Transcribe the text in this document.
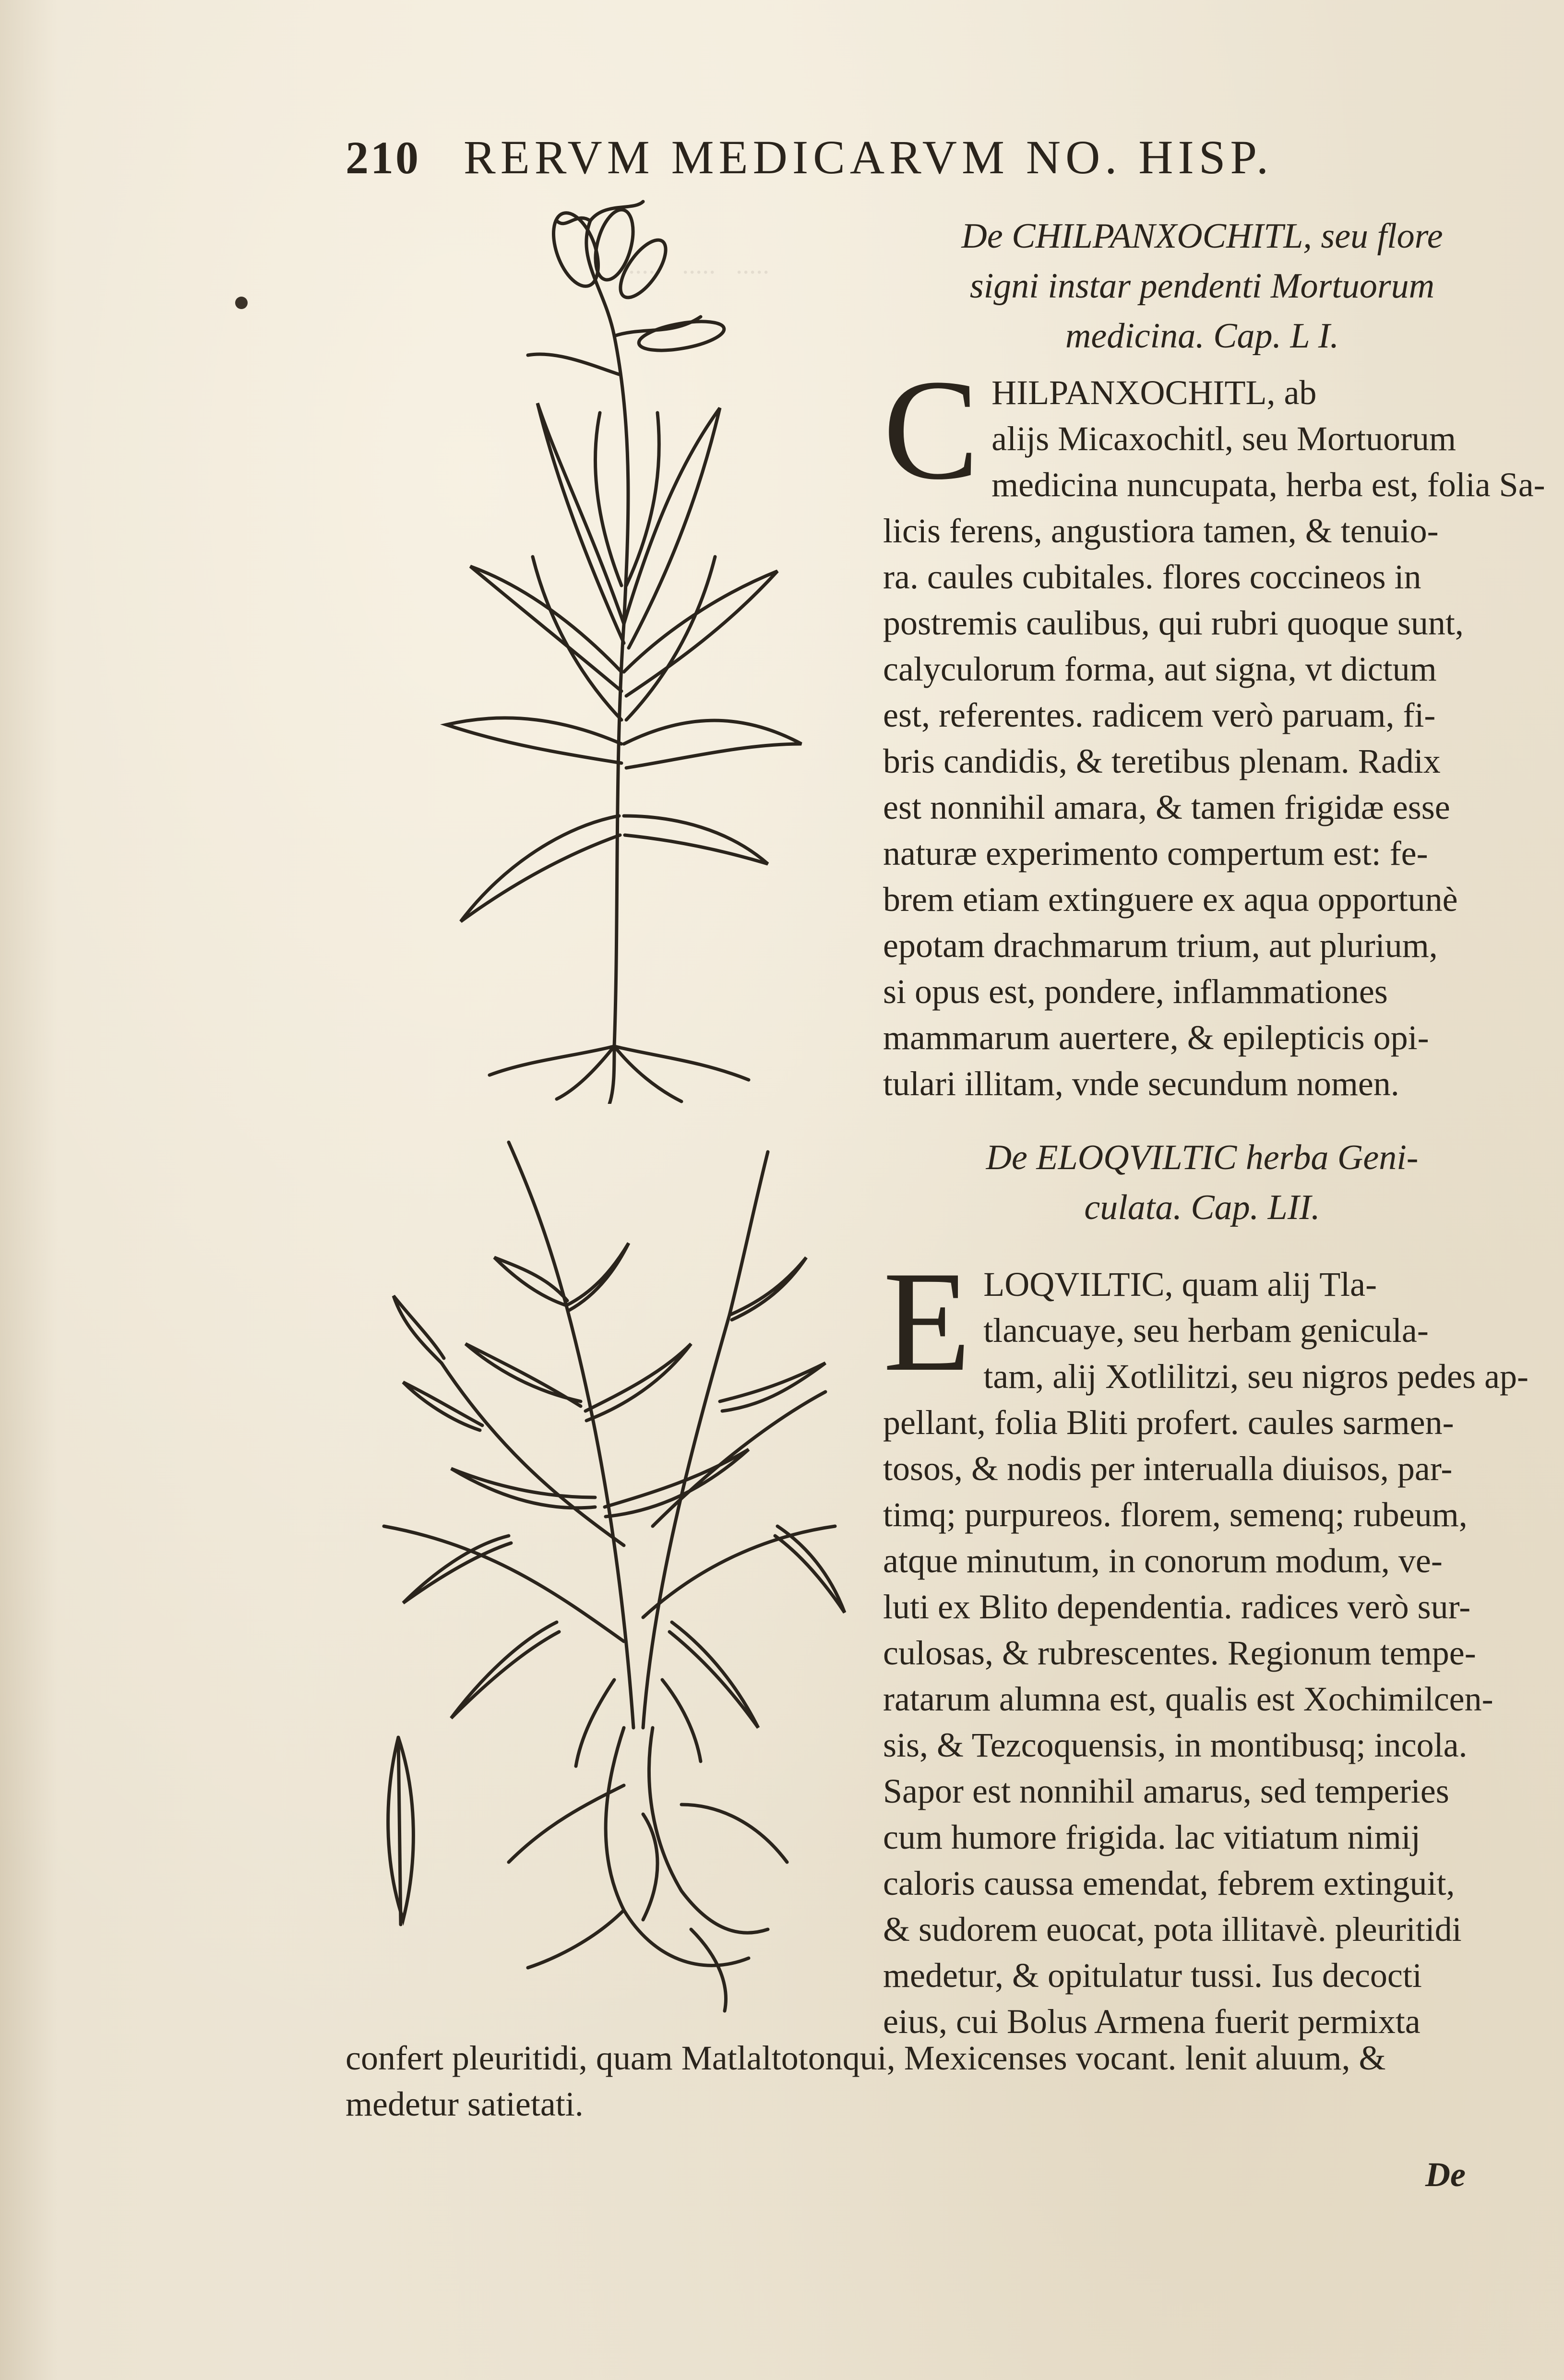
·····   ·····   ·····

210 RERVM MEDICARVM NO. HISP.

De CHILPANXOCHITL, seu flore

signi instar pendenti Mortuorum

medicina. Cap. L I.

C HILPANXOCHITL, ab

alijs Micaxochitl, seu Mortuorum

medicina nuncupata, herba est, folia Sa-

licis ferens, angustiora tamen, & tenuio-

ra. caules cubitales. flores coccineos in

postremis caulibus, qui rubri quoque sunt,

calyculorum forma, aut signa, vt dictum

est, referentes. radicem verò paruam, fi-

bris candidis, & teretibus plenam. Radix

est nonnihil amara, & tamen frigidæ esse

naturæ experimento compertum est: fe-

brem etiam extinguere ex aqua opportunè

epotam drachmarum trium, aut plurium,

si opus est, pondere, inflammationes

mammarum auertere, & epilepticis opi-

tulari illitam, vnde secundum nomen.

De ELOQVILTIC herba Geni-

culata. Cap. LII.

E LOQVILTIC, quam alij Tla-

tlancuaye, seu herbam genicula-

tam, alij Xotlilitzi, seu nigros pedes ap-

pellant, folia Bliti profert. caules sarmen-

tosos, & nodis per interualla diuisos, par-

timq; purpureos. florem, semenq; rubeum,

atque minutum, in conorum modum, ve-

luti ex Blito dependentia. radices verò sur-

culosas, & rubrescentes. Regionum tempe-

ratarum alumna est, qualis est Xochimilcen-

sis, & Tezcoquensis, in montibusq; incola.

Sapor est nonnihil amarus, sed temperies

cum humore frigida. lac vitiatum nimij

caloris caussa emendat, febrem extinguit,

& sudorem euocat, pota illitavè. pleuritidi

medetur, & opitulatur tussi. Ius decocti

eius, cui Bolus Armena fuerit permixta

confert pleuritidi, quam Matlaltotonqui, Mexicenses vocant. lenit aluum, &

medetur satietati.

De
